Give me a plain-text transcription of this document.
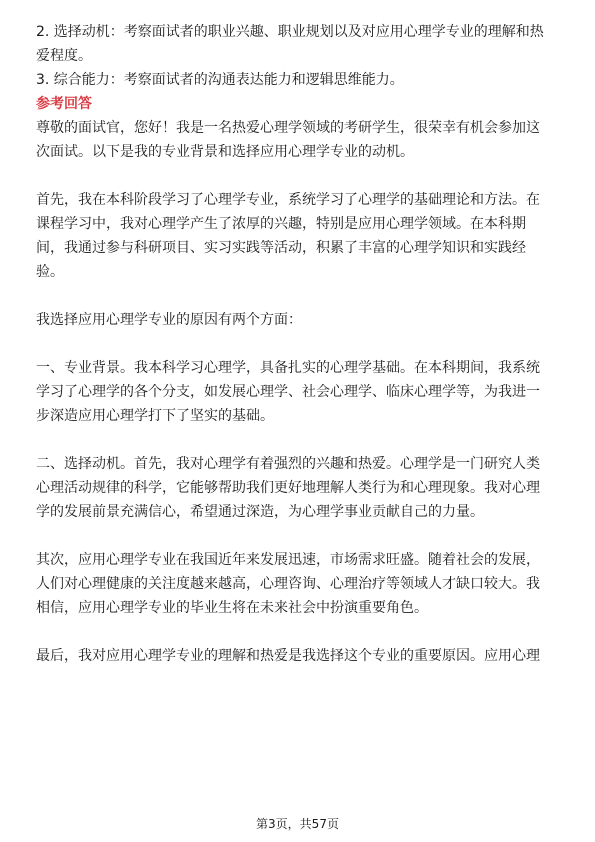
2. 选择动机：考察面试者的职业兴趣、职业规划以及对应用心理学专业的理解和热

爱程度。

3. 综合能力：考察面试者的沟通表达能力和逻辑思维能力。

参考回答

尊敬的面试官，您好！我是一名热爱心理学领域的考研学生，很荣幸有机会参加这

次面试。以下是我的专业背景和选择应用心理学专业的动机。

首先，我在本科阶段学习了心理学专业，系统学习了心理学的基础理论和方法。在

课程学习中，我对心理学产生了浓厚的兴趣，特别是应用心理学领域。在本科期

间，我通过参与科研项目、实习实践等活动，积累了丰富的心理学知识和实践经

验。

我选择应用心理学专业的原因有两个方面：

一、专业背景。我本科学习心理学，具备扎实的心理学基础。在本科期间，我系统

学习了心理学的各个分支，如发展心理学、社会心理学、临床心理学等，为我进一

步深造应用心理学打下了坚实的基础。

二、选择动机。首先，我对心理学有着强烈的兴趣和热爱。心理学是一门研究人类

心理活动规律的科学，它能够帮助我们更好地理解人类行为和心理现象。我对心理

学的发展前景充满信心，希望通过深造，为心理学事业贡献自己的力量。

其次，应用心理学专业在我国近年来发展迅速，市场需求旺盛。随着社会的发展，

人们对心理健康的关注度越来越高，心理咨询、心理治疗等领域人才缺口较大。我

相信，应用心理学专业的毕业生将在未来社会中扮演重要角色。

最后，我对应用心理学专业的理解和热爱是我选择这个专业的重要原因。应用心理

第3页，共57页
